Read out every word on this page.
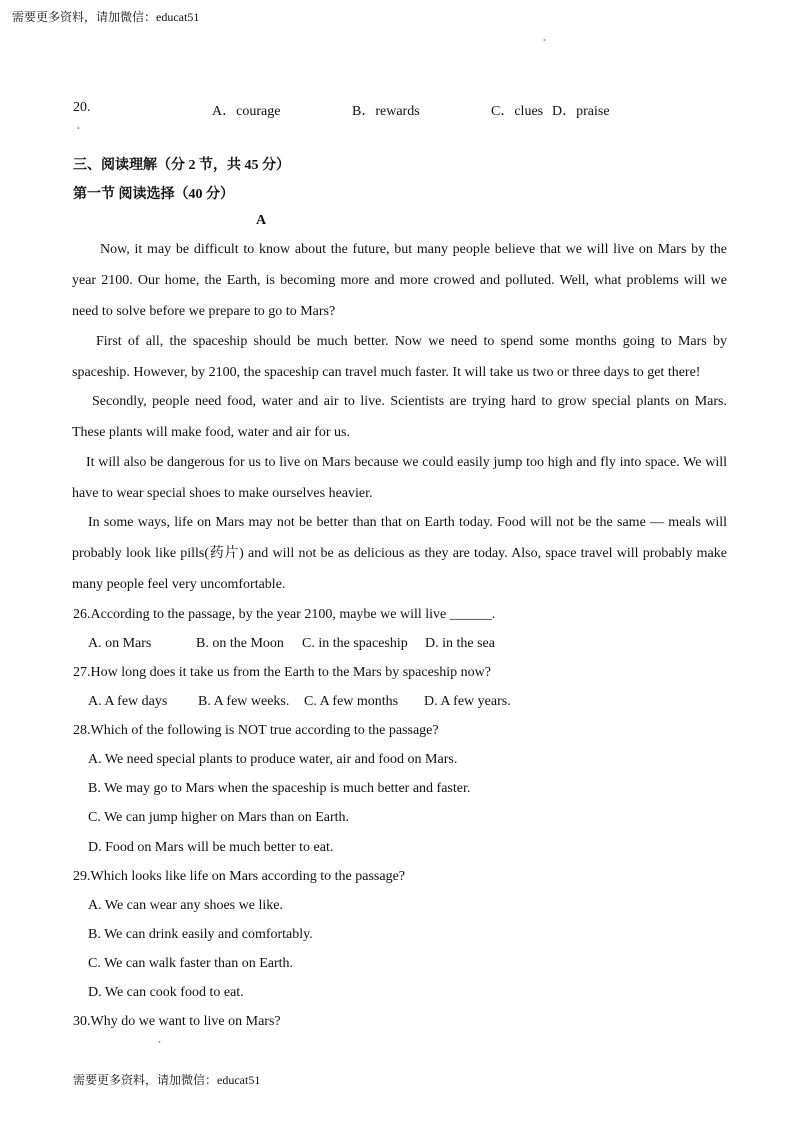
需要更多资料，请加微信：educat51
•
20.	A．courage	B．rewards	C．clues D．praise
•
三、阅读理解（分 2 节，共 45 分）
第一节 阅读选择（40 分）
A

Now, it may be difficult to know about the future, but many people believe that we will live on Mars by the year 2100. Our home, the Earth, is becoming more and more crowed and polluted. Well, what problems will we need to solve before we prepare to go to Mars?

First of all, the spaceship should be much better. Now we need to spend some months going to Mars by spaceship. However, by 2100, the spaceship can travel much faster. It will take us two or three days to get there!

Secondly, people need food, water and air to live. Scientists are trying hard to grow special plants on Mars. These plants will make food, water and air for us.

It will also be dangerous for us to live on Mars because we could easily jump too high and fly into space. We will have to wear special shoes to make ourselves heavier.

In some ways, life on Mars may not be better than that on Earth today. Food will not be the same — meals will probably look like pills(药片) and will not be as delicious as they are today. Also, space travel will probably make many people feel very uncomfortable.

26.According to the passage, by the year 2100, maybe we will live ______.
A. on Mars	B. on the Moon C. in the spaceship D. in the sea
27.How long does it take us from the Earth to the Mars by spaceship now?
A. A few days B. A few weeks. C. A few months D. A few years.
28.Which of the following is NOT true according to the passage?
A. We need special plants to produce water, air and food on Mars.
B. We may go to Mars when the spaceship is much better and faster.
C. We can jump higher on Mars than on Earth.
D. Food on Mars will be much better to eat.
29.Which looks like life on Mars according to the passage?
A. We can wear any shoes we like.
B. We can drink easily and comfortably.
C. We can walk faster than on Earth.
D. We can cook food to eat.
30.Why do we want to live on Mars?
•
需要更多资料，请加微信：educat51
